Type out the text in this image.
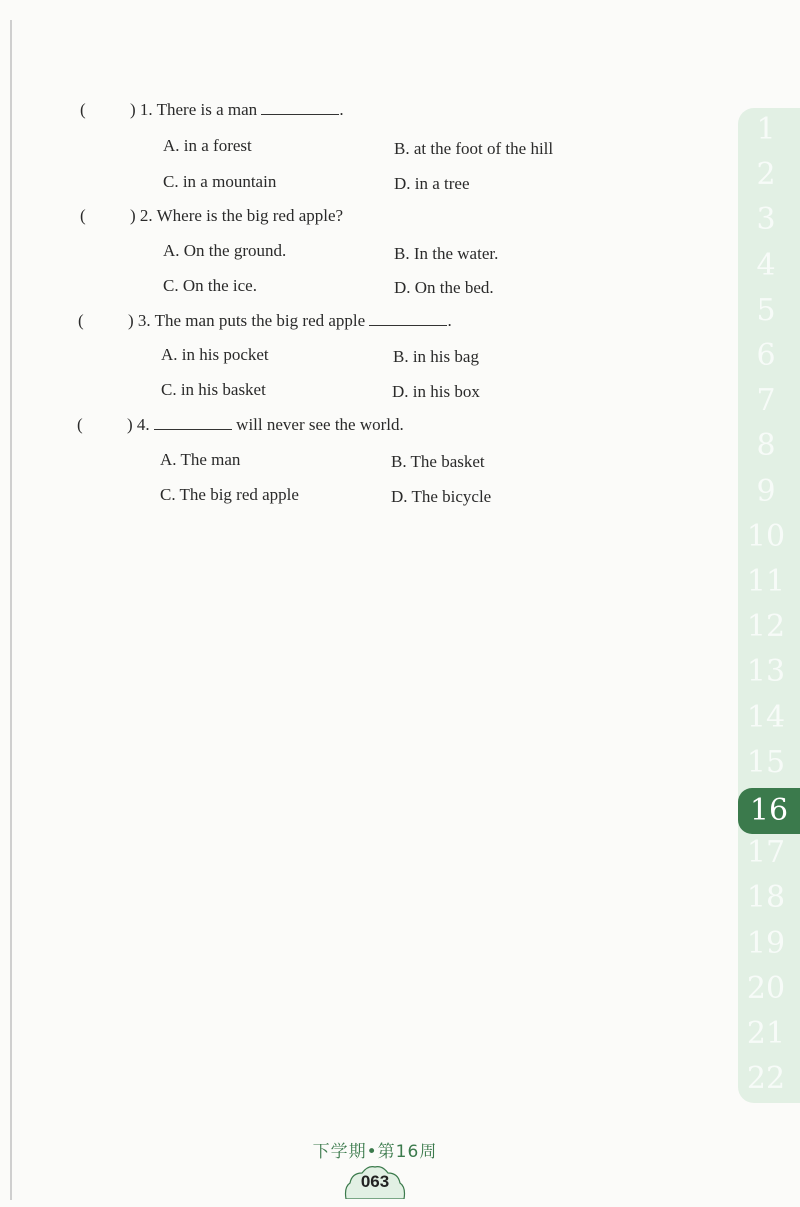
(	) 1. There is a man	.
A. in a forest	B. at the foot of the hill
C. in a mountain	D. in a tree
(	) 2. Where is the big red apple?
A. On the ground.	B. In the water.
C. On the ice.	D. On the bed.
(	) 3. The man puts the big red apple	.
A. in his pocket	B. in his bag
C. in his basket	D. in his box
(	) 4.	will never see the world.
A. The man	B. The basket
C. The big red apple	D. The bicycle
1
2
3
4
5
6
7
8
9
10
11
12
13
14
15
16
17
18
19
20
21
22
下学期•第16周
063
